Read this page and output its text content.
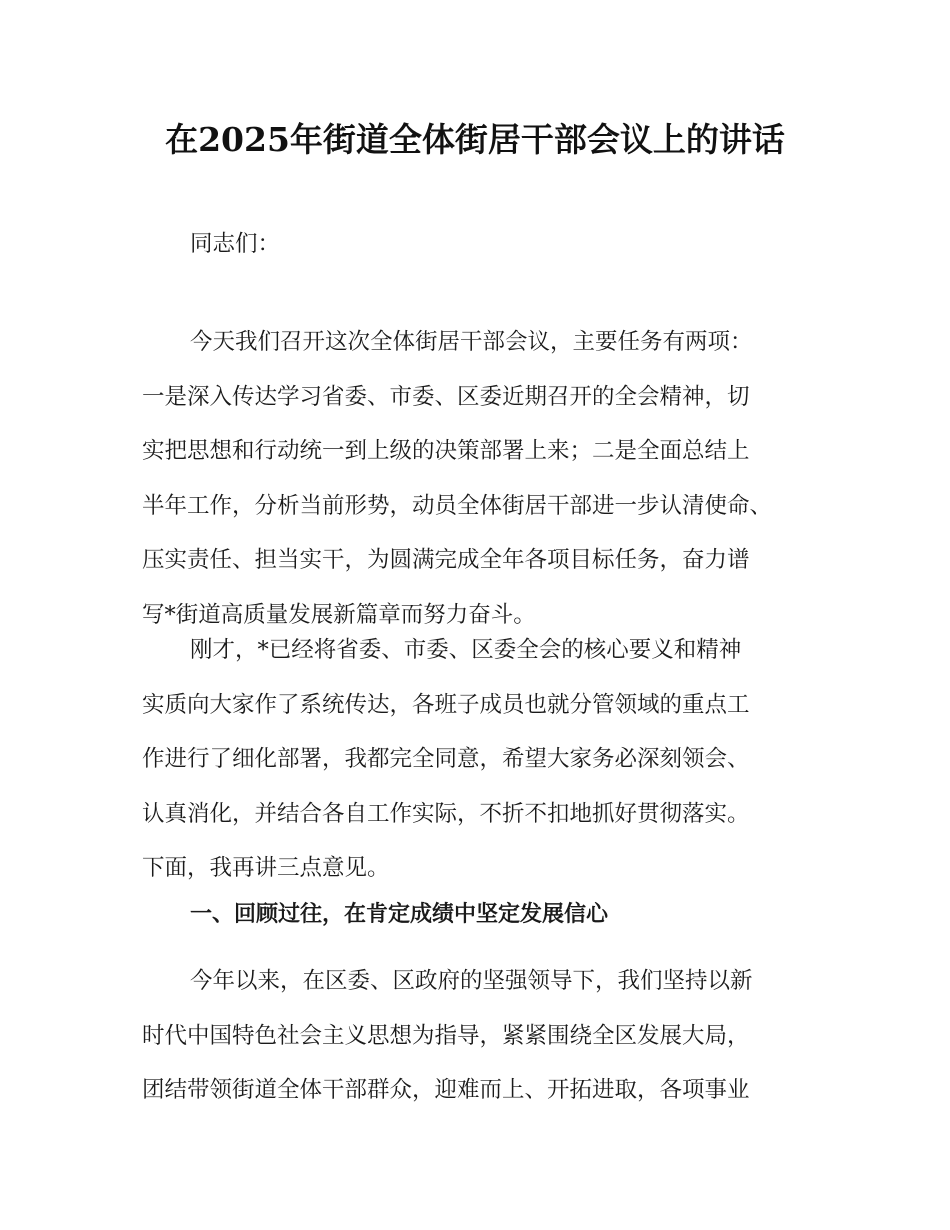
在2025年街道全体街居干部会议上的讲话
同志们：
今天我们召开这次全体街居干部会议，主要任务有两项：
一是深入传达学习省委、市委、区委近期召开的全会精神，切
实把思想和行动统一到上级的决策部署上来；二是全面总结上
半年工作，分析当前形势，动员全体街居干部进一步认清使命、
压实责任、担当实干，为圆满完成全年各项目标任务，奋力谱
写*街道高质量发展新篇章而努力奋斗。
刚才，*已经将省委、市委、区委全会的核心要义和精神
实质向大家作了系统传达，各班子成员也就分管领域的重点工
作进行了细化部署，我都完全同意，希望大家务必深刻领会、
认真消化，并结合各自工作实际，不折不扣地抓好贯彻落实。
下面，我再讲三点意见。
一、回顾过往，在肯定成绩中坚定发展信心
今年以来，在区委、区政府的坚强领导下，我们坚持以新
时代中国特色社会主义思想为指导，紧紧围绕全区发展大局，
团结带领街道全体干部群众，迎难而上、开拓进取，各项事业
